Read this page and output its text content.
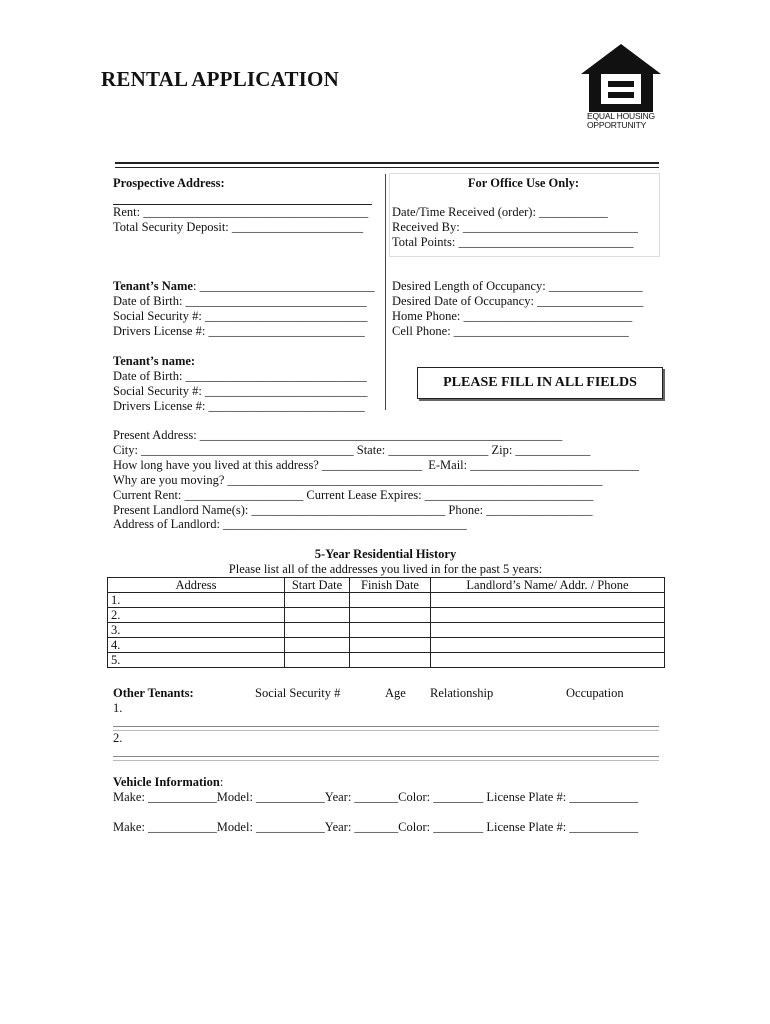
RENTAL APPLICATION
EQUAL HOUSING
OPPORTUNITY
Prospective Address:
Rent: ____________________________________
Total Security Deposit: _____________________
For Office Use Only:
Date/Time Received (order): ___________
Received By: ____________________________
Total Points: ____________________________
Tenant’s Name: ____________________________
Date of Birth: _____________________________
Social Security #: __________________________
Drivers License #: _________________________
Desired Length of Occupancy: _______________
Desired Date of Occupancy: _________________
Home Phone: ___________________________
Cell Phone: ____________________________
Tenant’s name:
Date of Birth: _____________________________
Social Security #: __________________________
Drivers License #: _________________________
PLEASE FILL IN ALL FIELDS
Present Address: __________________________________________________________
City: __________________________________ State: ________________ Zip: ____________
How long have you lived at this address? ________________  E-Mail: ___________________________
Why are you moving? ____________________________________________________________
Current Rent: ___________________ Current Lease Expires: ___________________________
Present Landlord Name(s): _______________________________ Phone: _________________
Address of Landlord: _______________________________________
5-Year Residential History
Please list all of the addresses you lived in for the past 5 years:
Address	Start Date	Finish Date	Landlord’s Name/ Addr. / Phone
1.			
2.			
3.			
4.			
5.			
Other Tenants:	Social Security #	Age Relationship	Occupation
1.
2.
Vehicle Information:
Make: ___________Model: ___________Year: _______Color: ________ License Plate #: ___________
Make: ___________Model: ___________Year: _______Color: ________ License Plate #: ___________
